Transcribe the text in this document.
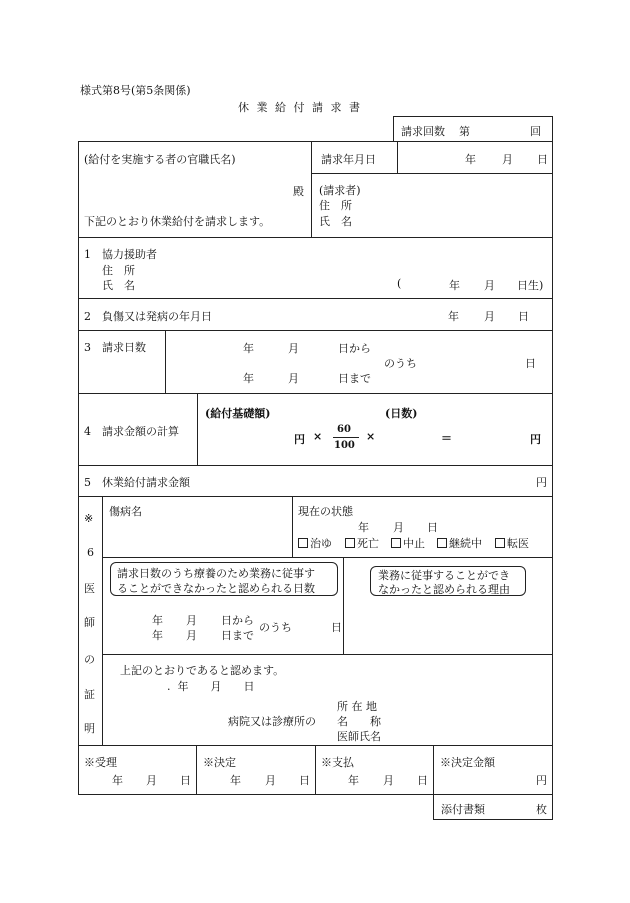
様式第8号(第5条関係)
休 業 給 付 請 求 書
請求回数 第	回
(給付を実施する者の官職氏名)
殿
下記のとおり休業給付を請求します。
請求年月日	年 月 日
(請求者)
住　所
氏　名
1　協力援助者
住　所
氏　名	(	年 月 日生)
2　負傷又は発病の年月日	年 月 日
3　請求日数	年	月	日から
のうち	日
年	月	日まで
4　請求金額の計算
(給付基礎額)	(日数)
円 ×
60
100
×	＝	円
5　休業給付請求金額	円
※
6
医
師
の
証
明
傷病名	現在の状態
年 月 日
治ゆ	死亡	中止	継続中	転医
請求日数のうち療養のため業務に従事す
ることができなかったと認められる日数
業務に従事することができ
なかったと認められる理由
年 月 日から
年 月 日まで
のうち	日
上記のとおりであると認めます。
.  年　　月　　日
病院又は診療所の
所 在 地
名　　称
医師氏名
※受理
年 月 日
※決定
年 月 日
※支払
年 月 日
※決定金額
円
添付書類	枚
